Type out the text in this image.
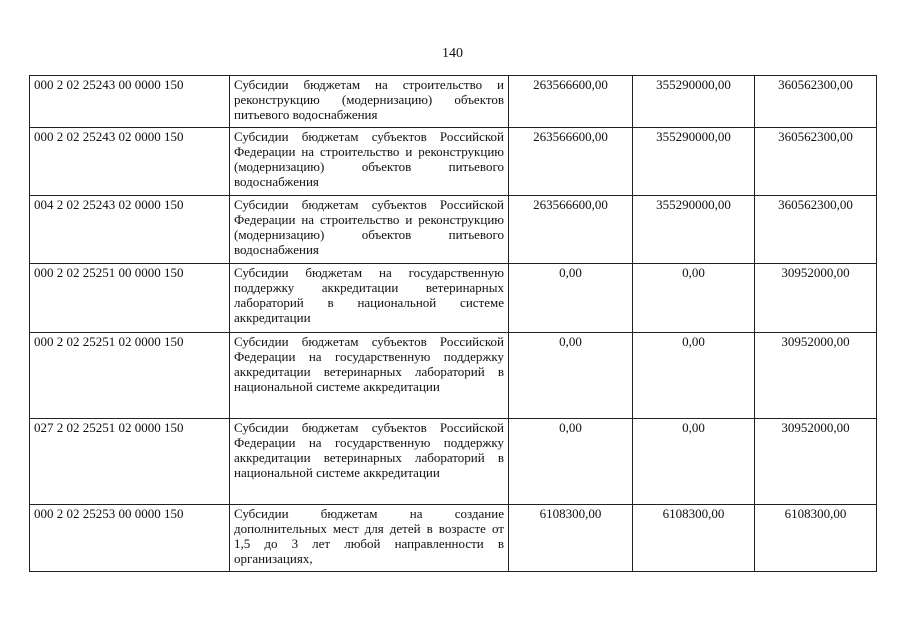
140
000 2 02 25243 00 0000 150	Субсидии бюджетам на строительство и реконструкцию (модернизацию) объектов питьевого водоснабжения	263566600,00	355290000,00	360562300,00
000 2 02 25243 02 0000 150	Субсидии бюджетам субъектов Российской Федерации на строительство и реконструкцию (модернизацию) объектов питьевого водоснабжения	263566600,00	355290000,00	360562300,00
004 2 02 25243 02 0000 150	Субсидии бюджетам субъектов Российской Федерации на строительство и реконструкцию (модернизацию) объектов питьевого водоснабжения	263566600,00	355290000,00	360562300,00
000 2 02 25251 00 0000 150	Субсидии бюджетам на государственную поддержку аккредитации ветеринарных лабораторий в национальной системе аккредитации	0,00	0,00	30952000,00
000 2 02 25251 02 0000 150	Субсидии бюджетам субъектов Российской Федерации на государственную поддержку аккредитации ветеринарных лабораторий в национальной системе аккредитации	0,00	0,00	30952000,00
027 2 02 25251 02 0000 150	Субсидии бюджетам субъектов Российской Федерации на государственную поддержку аккредитации ветеринарных лабораторий в национальной системе аккредитации	0,00	0,00	30952000,00
000 2 02 25253 00 0000 150	Субсидии бюджетам на создание дополнительных мест для детей в возрасте от 1,5 до 3 лет любой направленности в организациях,	6108300,00	6108300,00	6108300,00
